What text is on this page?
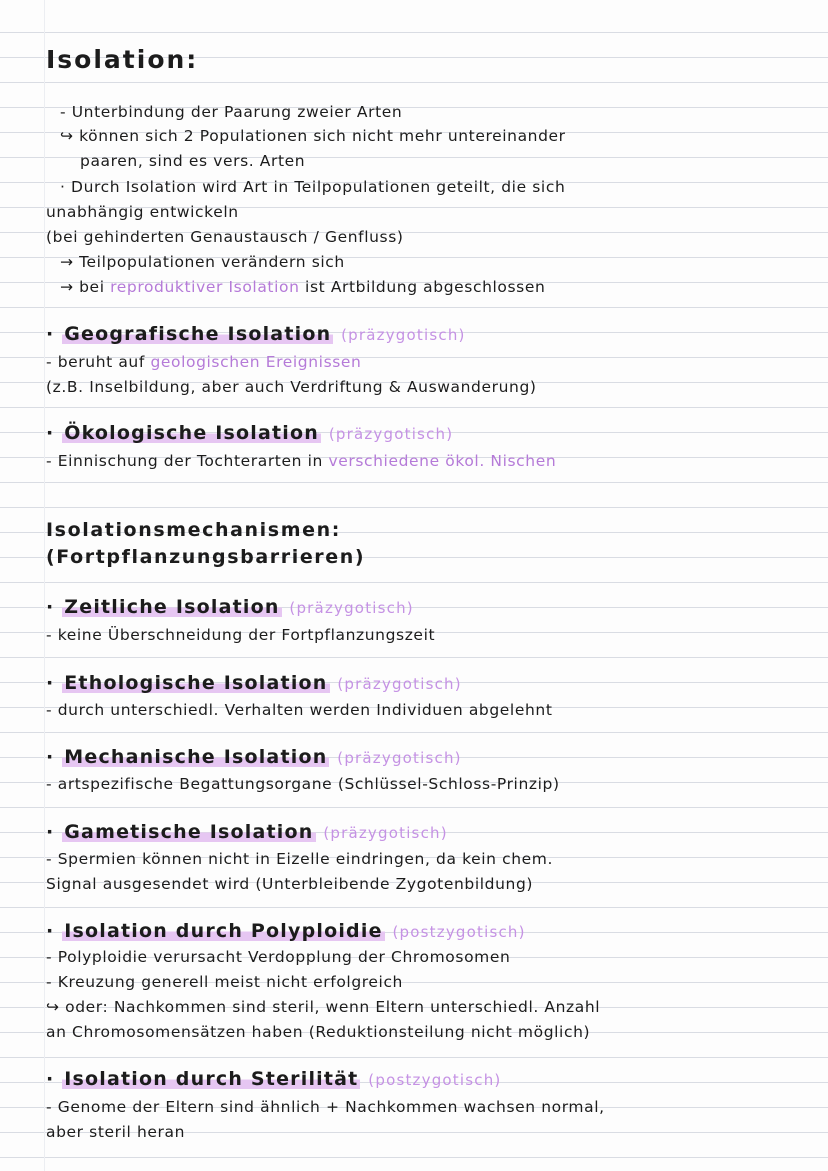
Isolation:
- Unterbindung der Paarung zweier Arten
↪ können sich 2 Populationen sich nicht mehr untereinander
paaren, sind es vers. Arten
· Durch Isolation wird Art in Teilpopulationen geteilt, die sich
unabhängig entwickeln
(bei gehinderten Genaustausch / Genfluss)
→ Teilpopulationen verändern sich
→ bei reproduktiver Isolation ist Artbildung abgeschlossen
· Geografische Isolation (präzygotisch)
- beruht auf geologischen Ereignissen
(z.B. Inselbildung, aber auch Verdriftung & Auswanderung)
· Ökologische Isolation (präzygotisch)
- Einnischung der Tochterarten in verschiedene ökol. Nischen
Isolationsmechanismen:
(Fortpflanzungsbarrieren)
· Zeitliche Isolation (präzygotisch)
- keine Überschneidung der Fortpflanzungszeit
· Ethologische Isolation (präzygotisch)
- durch unterschiedl. Verhalten werden Individuen abgelehnt
· Mechanische Isolation (präzygotisch)
- artspezifische Begattungsorgane (Schlüssel-Schloss-Prinzip)
· Gametische Isolation (präzygotisch)
- Spermien können nicht in Eizelle eindringen, da kein chem.
Signal ausgesendet wird (Unterbleibende Zygotenbildung)
· Isolation durch Polyploidie (postzygotisch)
- Polyploidie verursacht Verdopplung der Chromosomen
- Kreuzung generell meist nicht erfolgreich
↪ oder: Nachkommen sind steril, wenn Eltern unterschiedl. Anzahl
an Chromosomensätzen haben (Reduktionsteilung nicht möglich)
· Isolation durch Sterilität (postzygotisch)
- Genome der Eltern sind ähnlich + Nachkommen wachsen normal,
aber steril heran
